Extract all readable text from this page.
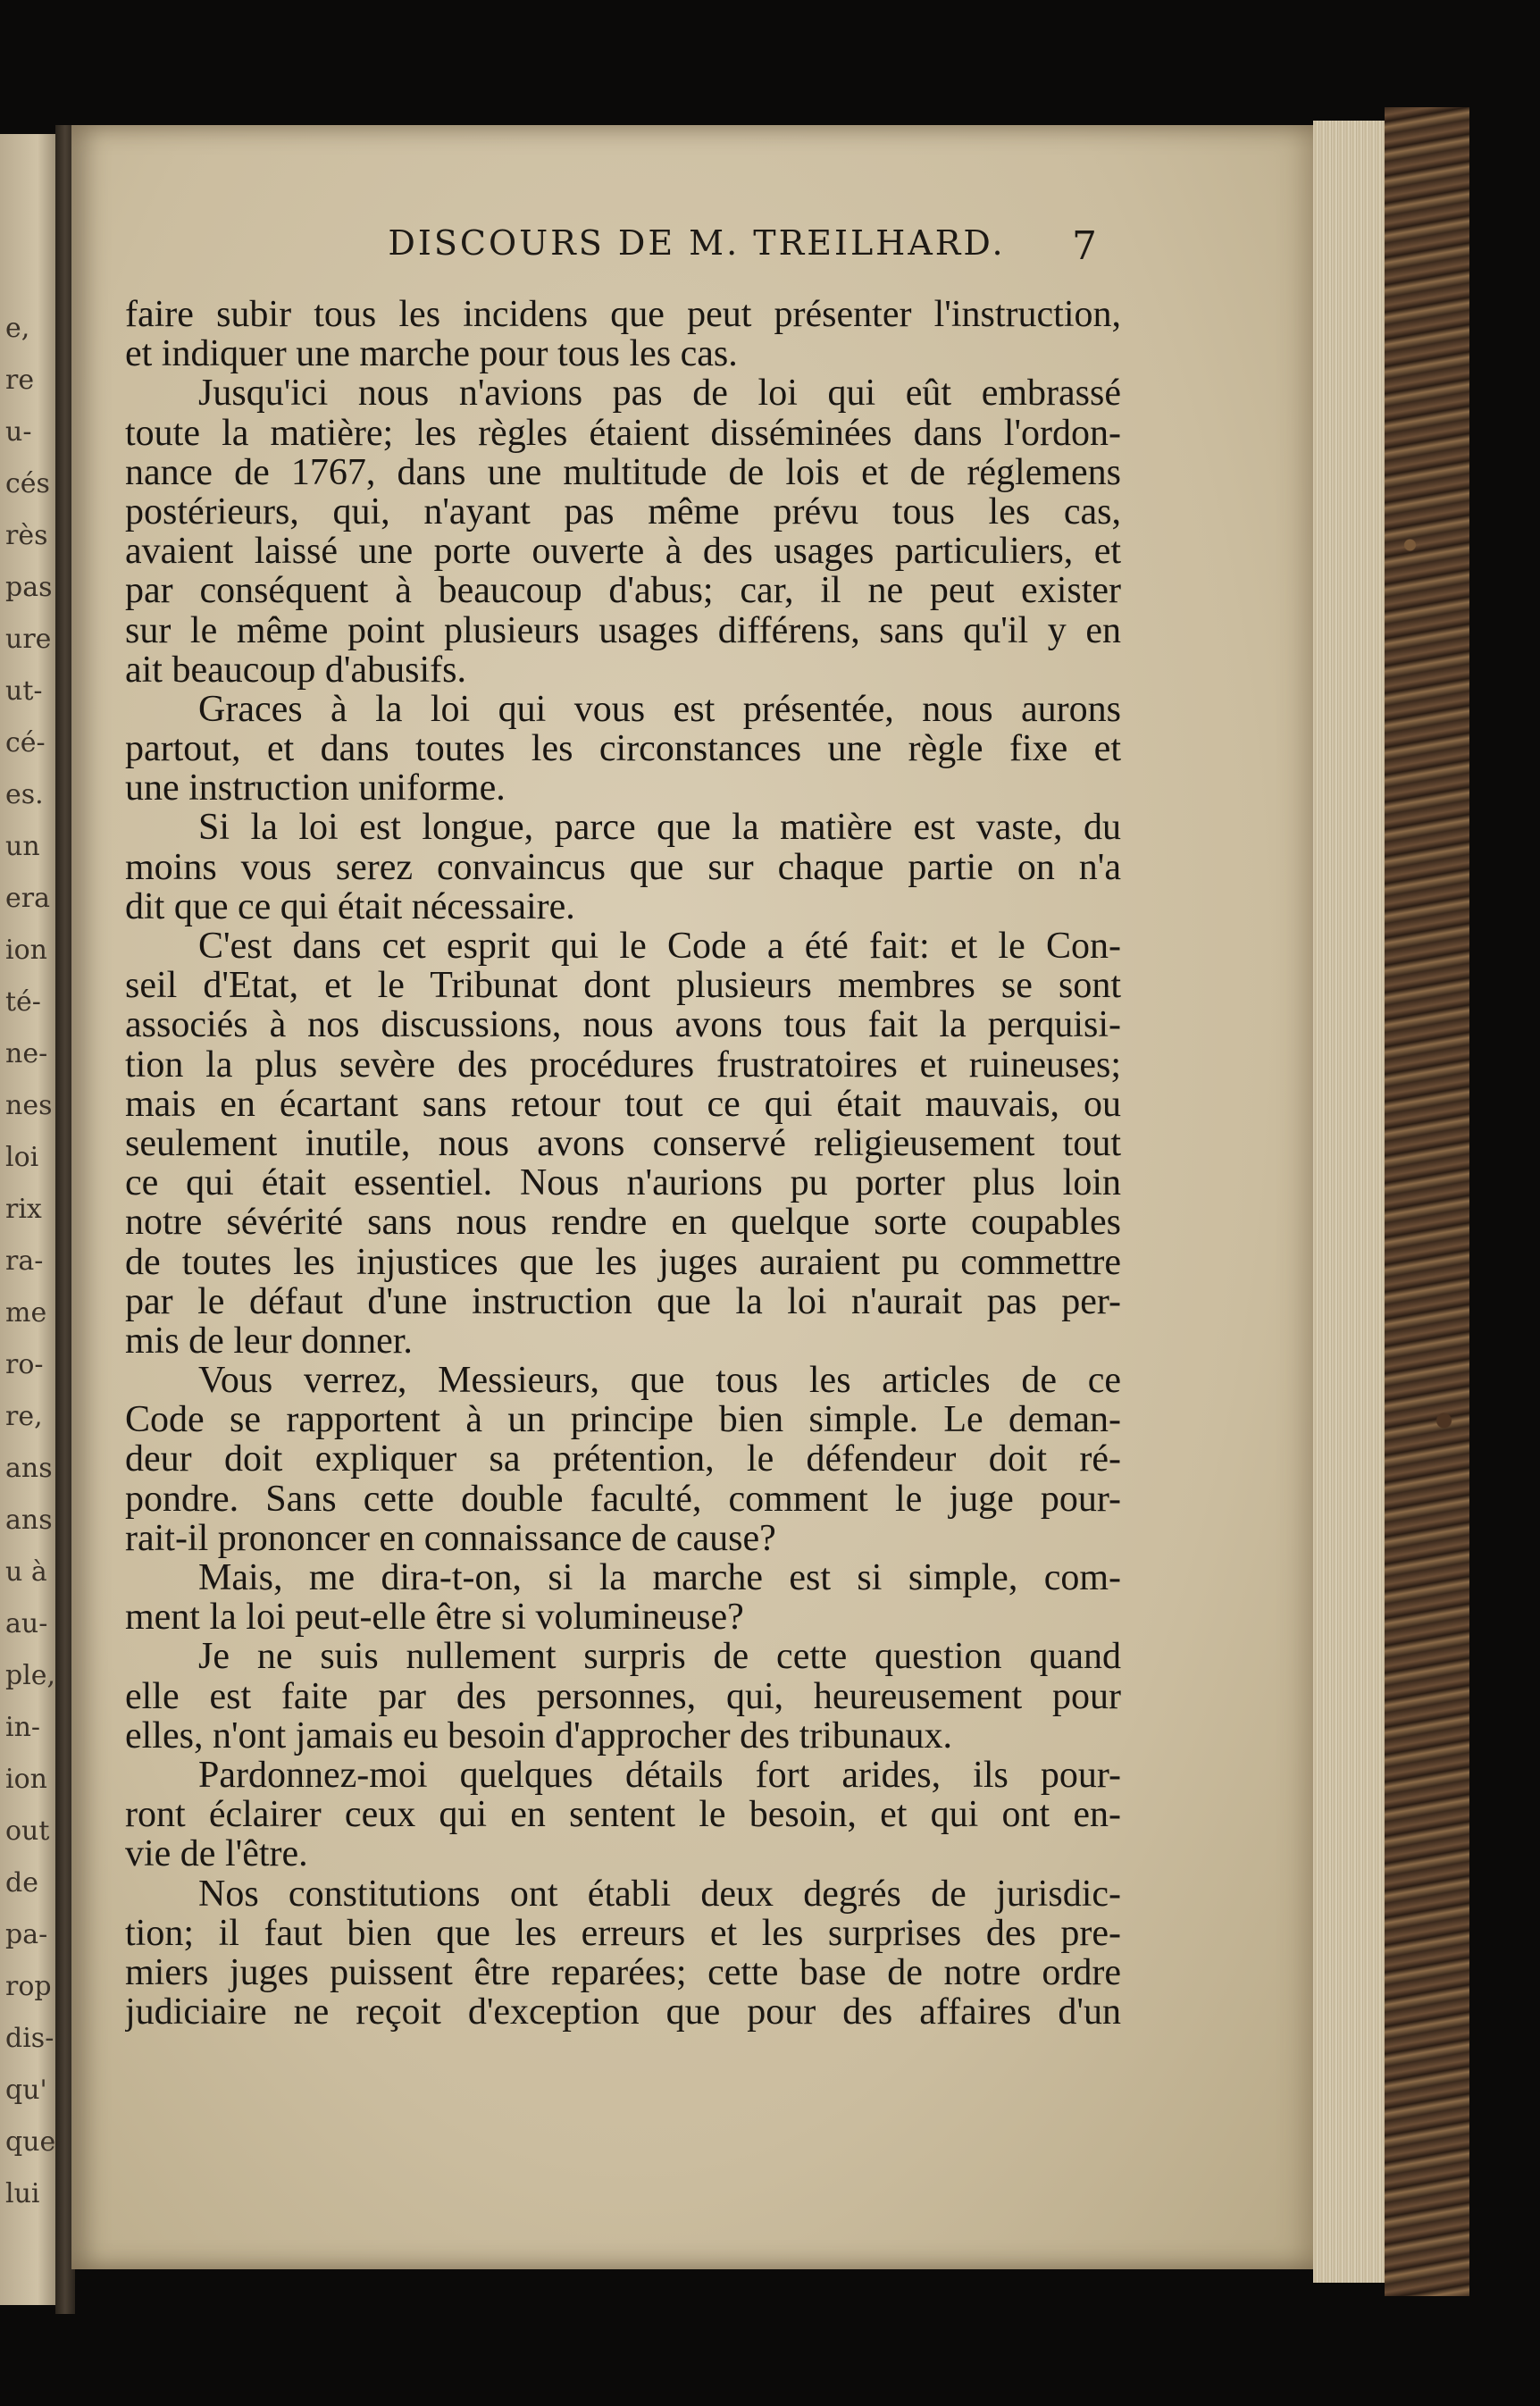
e,
re
u-
cés
rès
pas
ure
ut-
cé-
es.
un
era
ion
té-
ne-
nes
loi
rix
ra-
me
ro-
re,
ans
ans
u à
au-
ple,
in-
ion
out
de
pa-
rop
dis-
qu'
que
lui
DISCOURS DE M. TREILHARD.	7
faire subir tous les incidens que peut présenter l'instruction,
et indiquer une marche pour tous les cas.
Jusqu'ici nous n'avions pas de loi qui eût embrassé
toute la matière; les règles étaient disséminées dans l'ordon-
nance de 1767, dans une multitude de lois et de réglemens
postérieurs, qui, n'ayant pas même prévu tous les cas,
avaient laissé une porte ouverte à des usages particuliers, et
par conséquent à beaucoup d'abus; car, il ne peut exister
sur le même point plusieurs usages différens, sans qu'il y en
ait beaucoup d'abusifs.
Graces à la loi qui vous est présentée, nous aurons
partout, et dans toutes les circonstances une règle fixe et
une instruction uniforme.
Si la loi est longue, parce que la matière est vaste, du
moins vous serez convaincus que sur chaque partie on n'a
dit que ce qui était nécessaire.
C'est dans cet esprit qui le Code a été fait: et le Con-
seil d'Etat, et le Tribunat dont plusieurs membres se sont
associés à nos discussions, nous avons tous fait la perquisi-
tion la plus sevère des procédures frustratoires et ruineuses;
mais en écartant sans retour tout ce qui était mauvais, ou
seulement inutile, nous avons conservé religieusement tout
ce qui était essentiel. Nous n'aurions pu porter plus loin
notre sévérité sans nous rendre en quelque sorte coupables
de toutes les injustices que les juges auraient pu commettre
par le défaut d'une instruction que la loi n'aurait pas per-
mis de leur donner.
Vous verrez, Messieurs, que tous les articles de ce
Code se rapportent à un principe bien simple. Le deman-
deur doit expliquer sa prétention, le défendeur doit ré-
pondre. Sans cette double faculté, comment le juge pour-
rait-il prononcer en connaissance de cause?
Mais, me dira-t-on, si la marche est si simple, com-
ment la loi peut-elle être si volumineuse?
Je ne suis nullement surpris de cette question quand
elle est faite par des personnes, qui, heureusement pour
elles, n'ont jamais eu besoin d'approcher des tribunaux.
Pardonnez-moi quelques détails fort arides, ils pour-
ront éclairer ceux qui en sentent le besoin, et qui ont en-
vie de l'être.
Nos constitutions ont établi deux degrés de jurisdic-
tion; il faut bien que les erreurs et les surprises des pre-
miers juges puissent être reparées; cette base de notre ordre
judiciaire ne reçoit d'exception que pour des affaires d'un
